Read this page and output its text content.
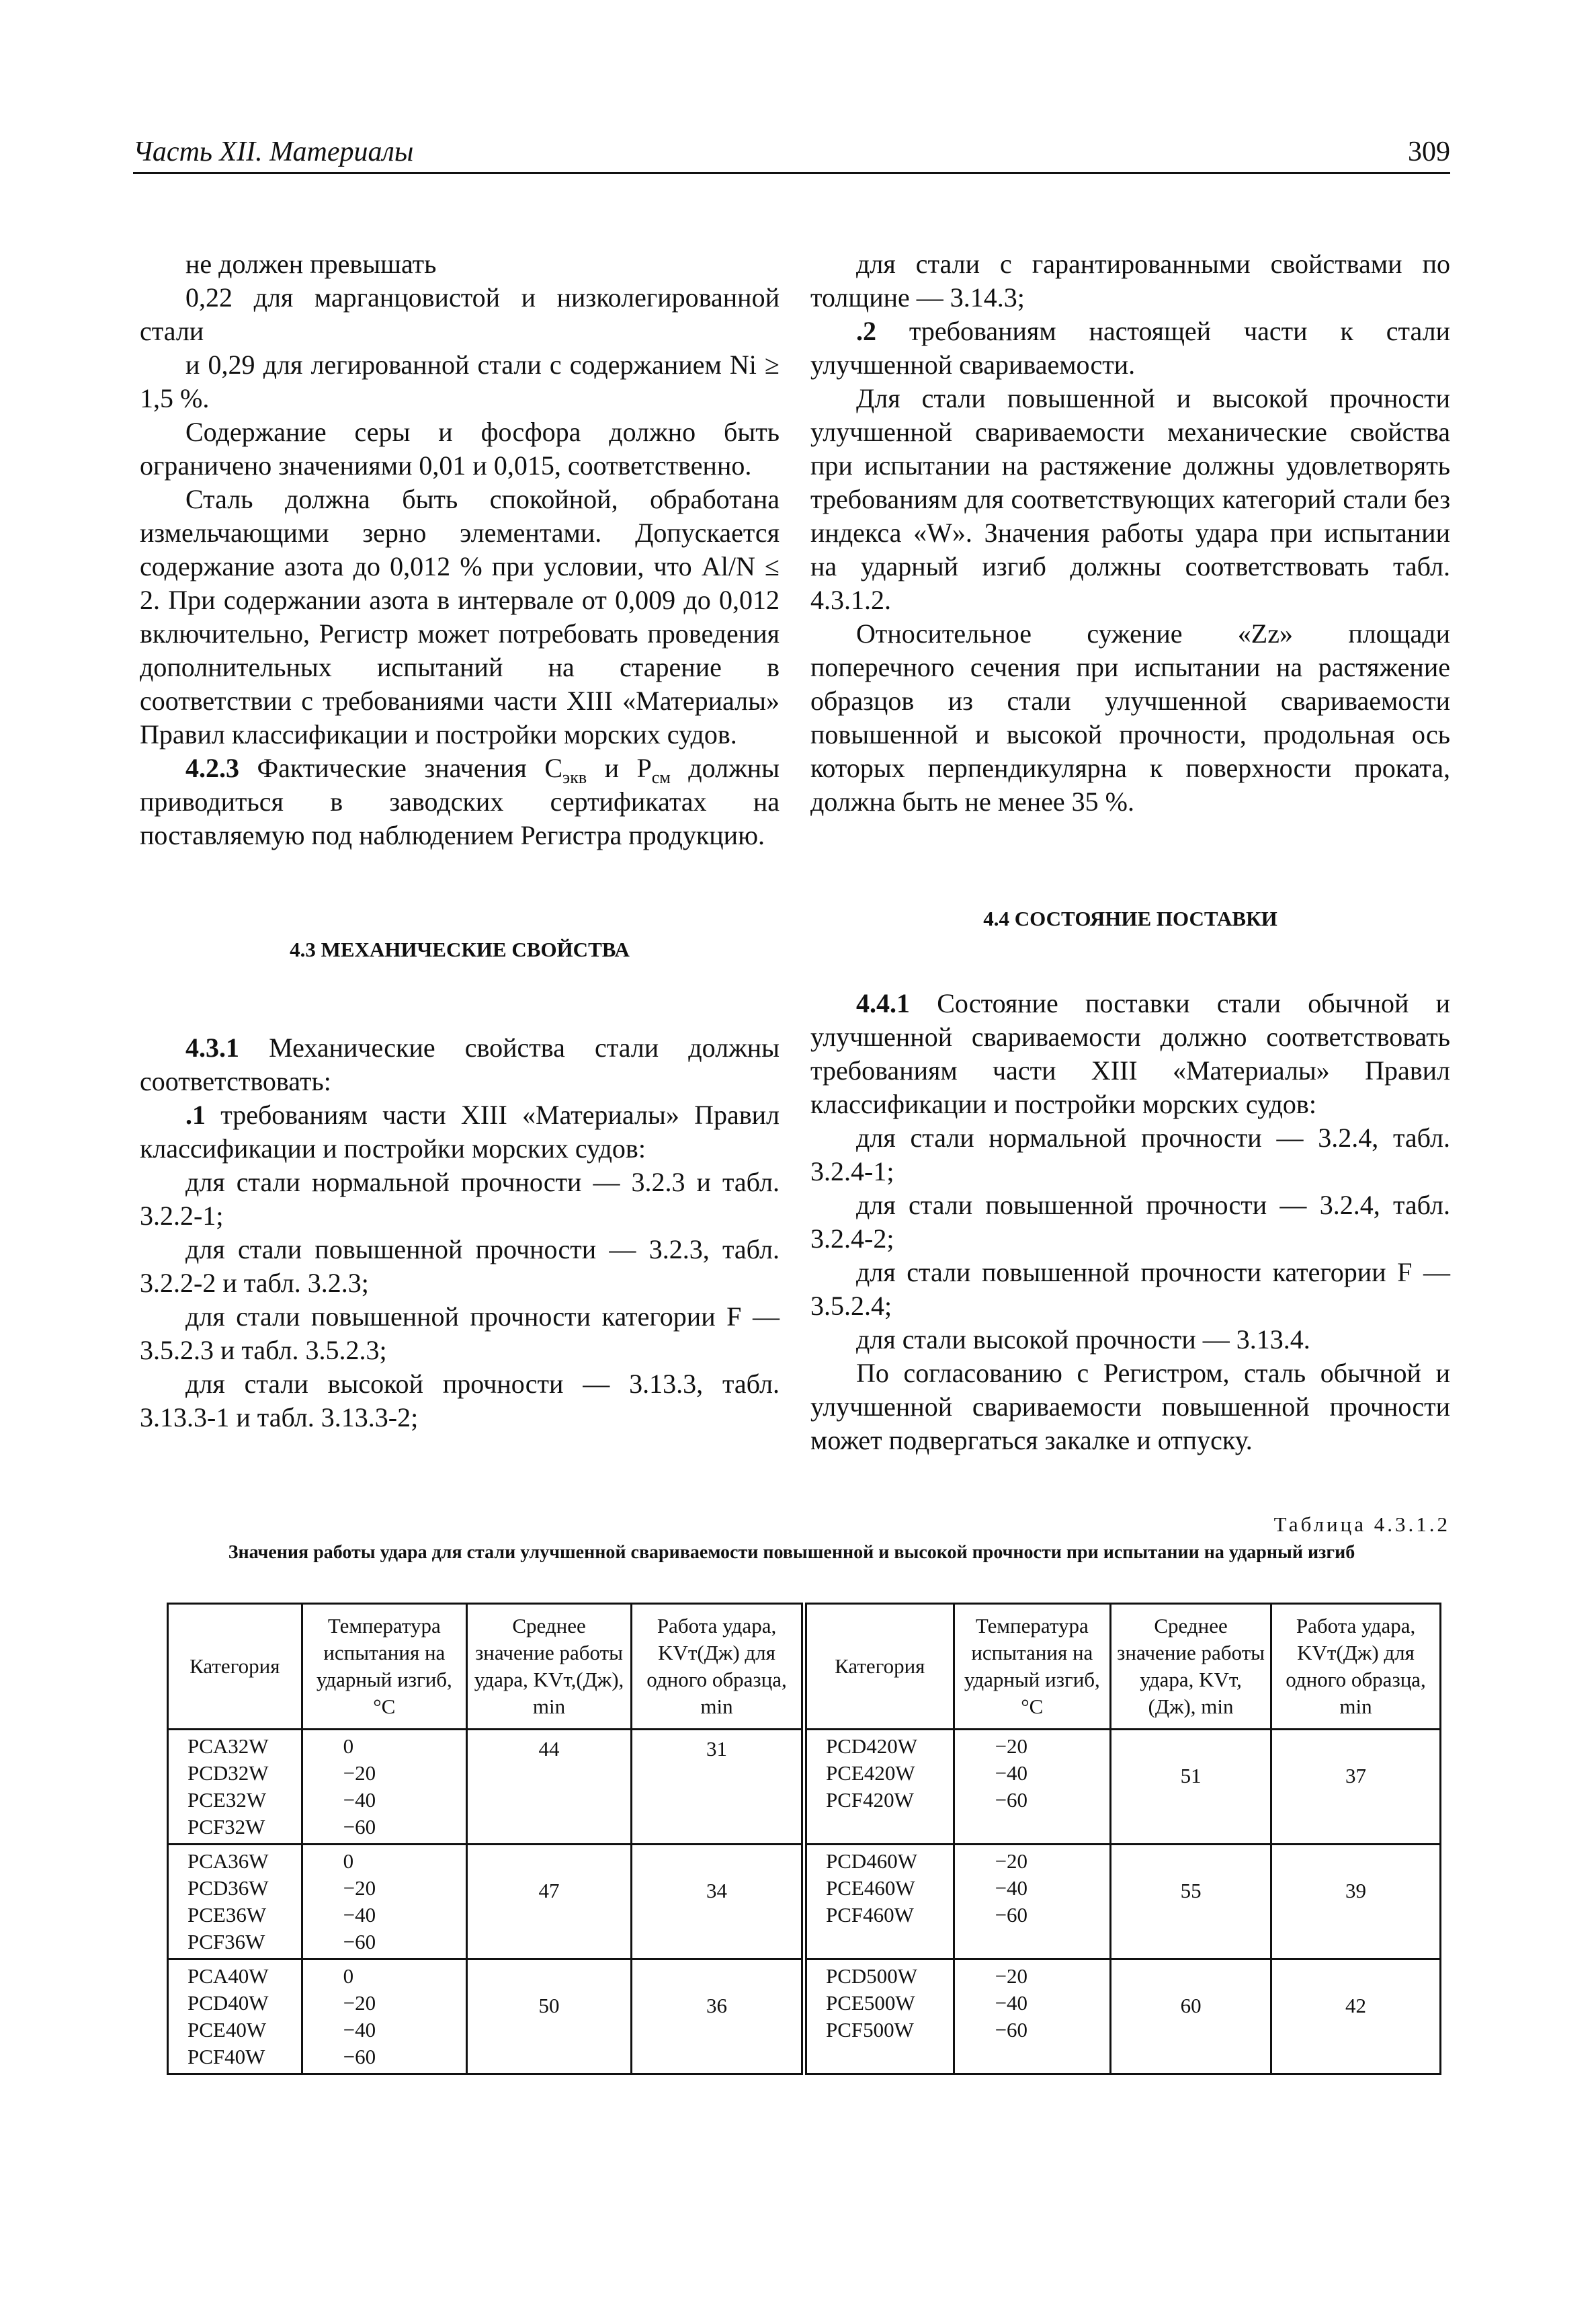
Часть XII. Материалы	309

не должен превышать

0,22 для марганцовистой и низколегированной стали

и 0,29 для легированной стали с содержанием Ni ≥ 1,5 %.

Содержание серы и фосфора должно быть ограничено значениями 0,01 и 0,015, соответственно.

Сталь должна быть спокойной, обработана измельчающими зерно элементами. Допускается содержание азота до 0,012 % при условии, что Al/N ≤ 2. При содержании азота в интервале от 0,009 до 0,012 включительно, Регистр может потребовать проведения дополнительных испытаний на старение в соответствии с требованиями части XIII «Материалы» Правил классификации и постройки морских судов.

4.2.3 Фактические значения $C_{экв}$ и $P_{см}$ должны приводиться в заводских сертификатах на поставляемую под наблюдением Регистра продукцию.

4.3 МЕХАНИЧЕСКИЕ СВОЙСТВА

4.3.1 Механические свойства стали должны соответствовать:

.1 требованиям части XIII «Материалы» Правил классификации и постройки морских судов:

для стали нормальной прочности — 3.2.3 и табл. 3.2.2-1;

для стали повышенной прочности — 3.2.3, табл. 3.2.2-2 и табл. 3.2.3;

для стали повышенной прочности категории F — 3.5.2.3 и табл. 3.5.2.3;

для стали высокой прочности — 3.13.3, табл. 3.13.3-1 и табл. 3.13.3-2;

для стали с гарантированными свойствами по толщине — 3.14.3;

.2 требованиям настоящей части к стали улучшенной свариваемости.

Для стали повышенной и высокой прочности улучшенной свариваемости механические свойства при испытании на растяжение должны удовлетворять требованиям для соответствующих категорий стали без индекса «W». Значения работы удара при испытании на ударный изгиб должны соответствовать табл. 4.3.1.2.

Относительное сужение «Zz» площади поперечного сечения при испытании на растяжение образцов из стали улучшенной свариваемости повышенной и высокой прочности, продольная ось которых перпендикулярна к поверхности проката, должна быть не менее 35 %.

4.4 СОСТОЯНИЕ ПОСТАВКИ

4.4.1 Состояние поставки стали обычной и улучшенной свариваемости должно соответствовать требованиям части XIII «Материалы» Правил классификации и постройки морских судов:

для стали нормальной прочности — 3.2.4, табл. 3.2.4-1;

для стали повышенной прочности — 3.2.4, табл. 3.2.4-2;

для стали повышенной прочности категории F — 3.5.2.4;

для стали высокой прочности — 3.13.4.

По согласованию с Регистром, сталь обычной и улучшенной свариваемости повышенной прочности может подвергаться закалке и отпуску.

Таблица 4.3.1.2
Значения работы удара для стали улучшенной свариваемости повышенной и высокой прочности при испытании на ударный изгиб
Категория	Температура испытания на ударный изгиб, °C	Среднее значение работы удара, KVт,(Дж), min	Работа удара, KVт(Дж) для одного образца, min

PCA32W
PCD32W
PCE32W
PCF32W	0
−20
−40
−60	44	31

PCA36W
PCD36W
PCE36W
PCF36W	0
−20
−40
−60	47	34

PCA40W
PCD40W
PCE40W
PCF40W	0
−20
−40
−60	50	36
Категория	Температура испытания на ударный изгиб, °C	Среднее значение работы удара, KVт, (Дж), min	Работа удара, KVт(Дж) для одного образца, min

PCD420W
PCE420W
PCF420W	−20
−40
−60	51	37

PCD460W
PCE460W
PCF460W	−20
−40
−60	55	39

PCD500W
PCE500W
PCF500W	−20
−40
−60	60	42
